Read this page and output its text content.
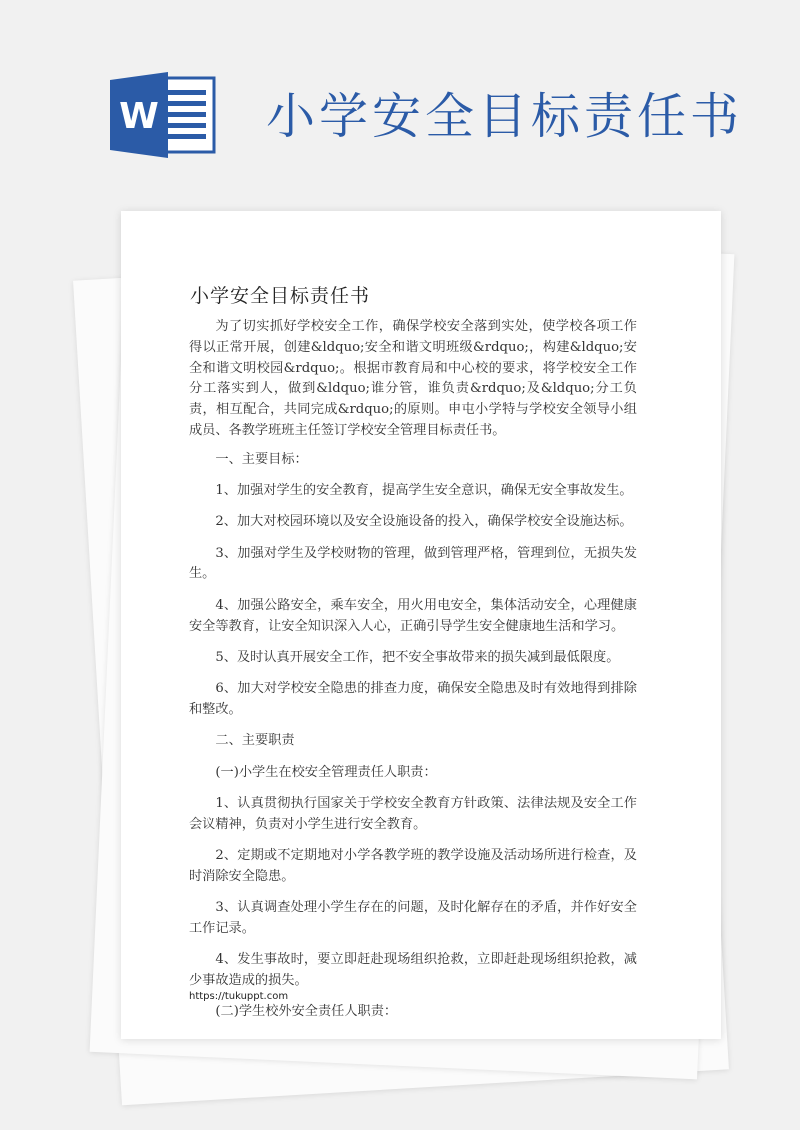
W 小学安全目标责任书
小学安全目标责任书

为了切实抓好学校安全工作，确保学校安全落到实处，使学校各项工作得以正常开展，创建&ldquo;安全和谐文明班级&rdquo;，构建&ldquo;安全和谐文明校园&rdquo;。根据市教育局和中心校的要求，将学校安全工作分工落实到人，做到&ldquo;谁分管，谁负责&rdquo;及&ldquo;分工负责，相互配合，共同完成&rdquo;的原则。申屯小学特与学校安全领导小组成员、各教学班班主任签订学校安全管理目标责任书。

一、主要目标：

1、加强对学生的安全教育，提高学生安全意识，确保无安全事故发生。

2、加大对校园环境以及安全设施设备的投入，确保学校安全设施达标。

3、加强对学生及学校财物的管理，做到管理严格，管理到位，无损失发生。

4、加强公路安全，乘车安全，用火用电安全，集体活动安全，心理健康安全等教育，让安全知识深入人心，正确引导学生安全健康地生活和学习。

5、及时认真开展安全工作，把不安全事故带来的损失减到最低限度。

6、加大对学校安全隐患的排查力度，确保安全隐患及时有效地得到排除和整改。

二、主要职责

(一)小学生在校安全管理责任人职责：

1、认真贯彻执行国家关于学校安全教育方针政策、法律法规及安全工作会议精神，负责对小学生进行安全教育。

2、定期或不定期地对小学各教学班的教学设施及活动场所进行检查，及时消除安全隐患。

3、认真调查处理小学生存在的问题，及时化解存在的矛盾，并作好安全工作记录。

4、发生事故时，要立即赶赴现场组织抢救，立即赶赴现场组织抢救，减少事故造成的损失。

(二)学生校外安全责任人职责：

https://tukuppt.com
